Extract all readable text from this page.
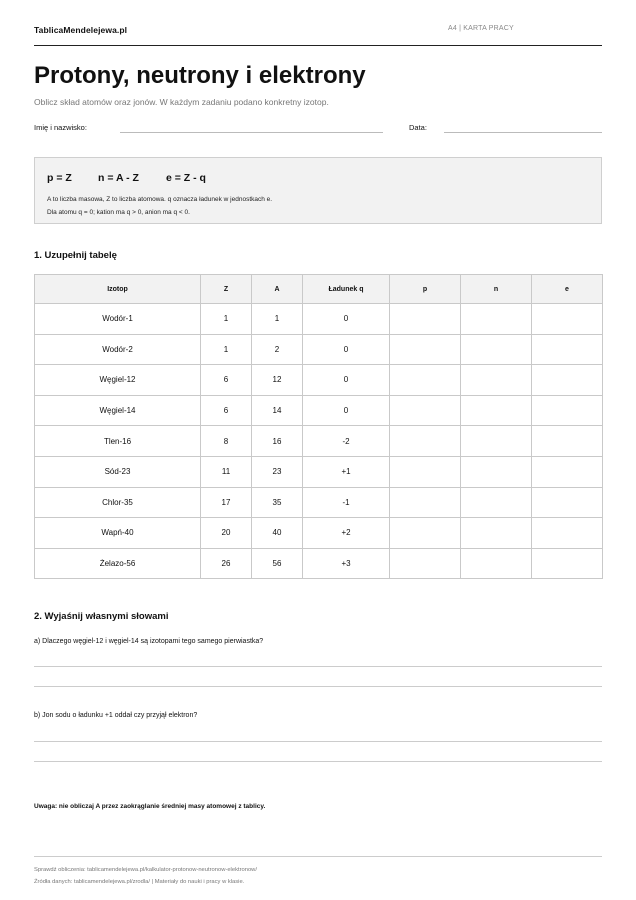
TablicaMendelejewa.pl	A4 | KARTA PRACY
Protony, neutrony i elektrony
Oblicz skład atomów oraz jonów. W każdym zadaniu podano konkretny izotop.
Imię i nazwisko:	Data:
p = Z n = A - Z	e = Z - q
A to liczba masowa, Z to liczba atomowa. q oznacza ładunek w jednostkach e.
Dla atomu q = 0; kation ma q > 0, anion ma q < 0.
1. Uzupełnij tabelę
Izotop	Z	A	Ładunek q	p	n	e
Wodór-1	1	1	0			
Wodór-2	1	2	0			
Węgiel-12	6	12	0			
Węgiel-14	6	14	0			
Tlen-16	8	16	-2			
Sód-23	11	23	+1			
Chlor-35	17	35	-1			
Wapń-40	20	40	+2			
Żelazo-56	26	56	+3			
2. Wyjaśnij własnymi słowami
a) Dlaczego węgiel-12 i węgiel-14 są izotopami tego samego pierwiastka?
b) Jon sodu o ładunku +1 oddał czy przyjął elektron?
Uwaga: nie obliczaj A przez zaokrąglanie średniej masy atomowej z tablicy.
Sprawdź obliczenia: tablicamendelejewa.pl/kalkulator-protonow-neutronow-elektronow/
Źródła danych: tablicamendelejewa.pl/zrodla/ | Materiały do nauki i pracy w klasie.
